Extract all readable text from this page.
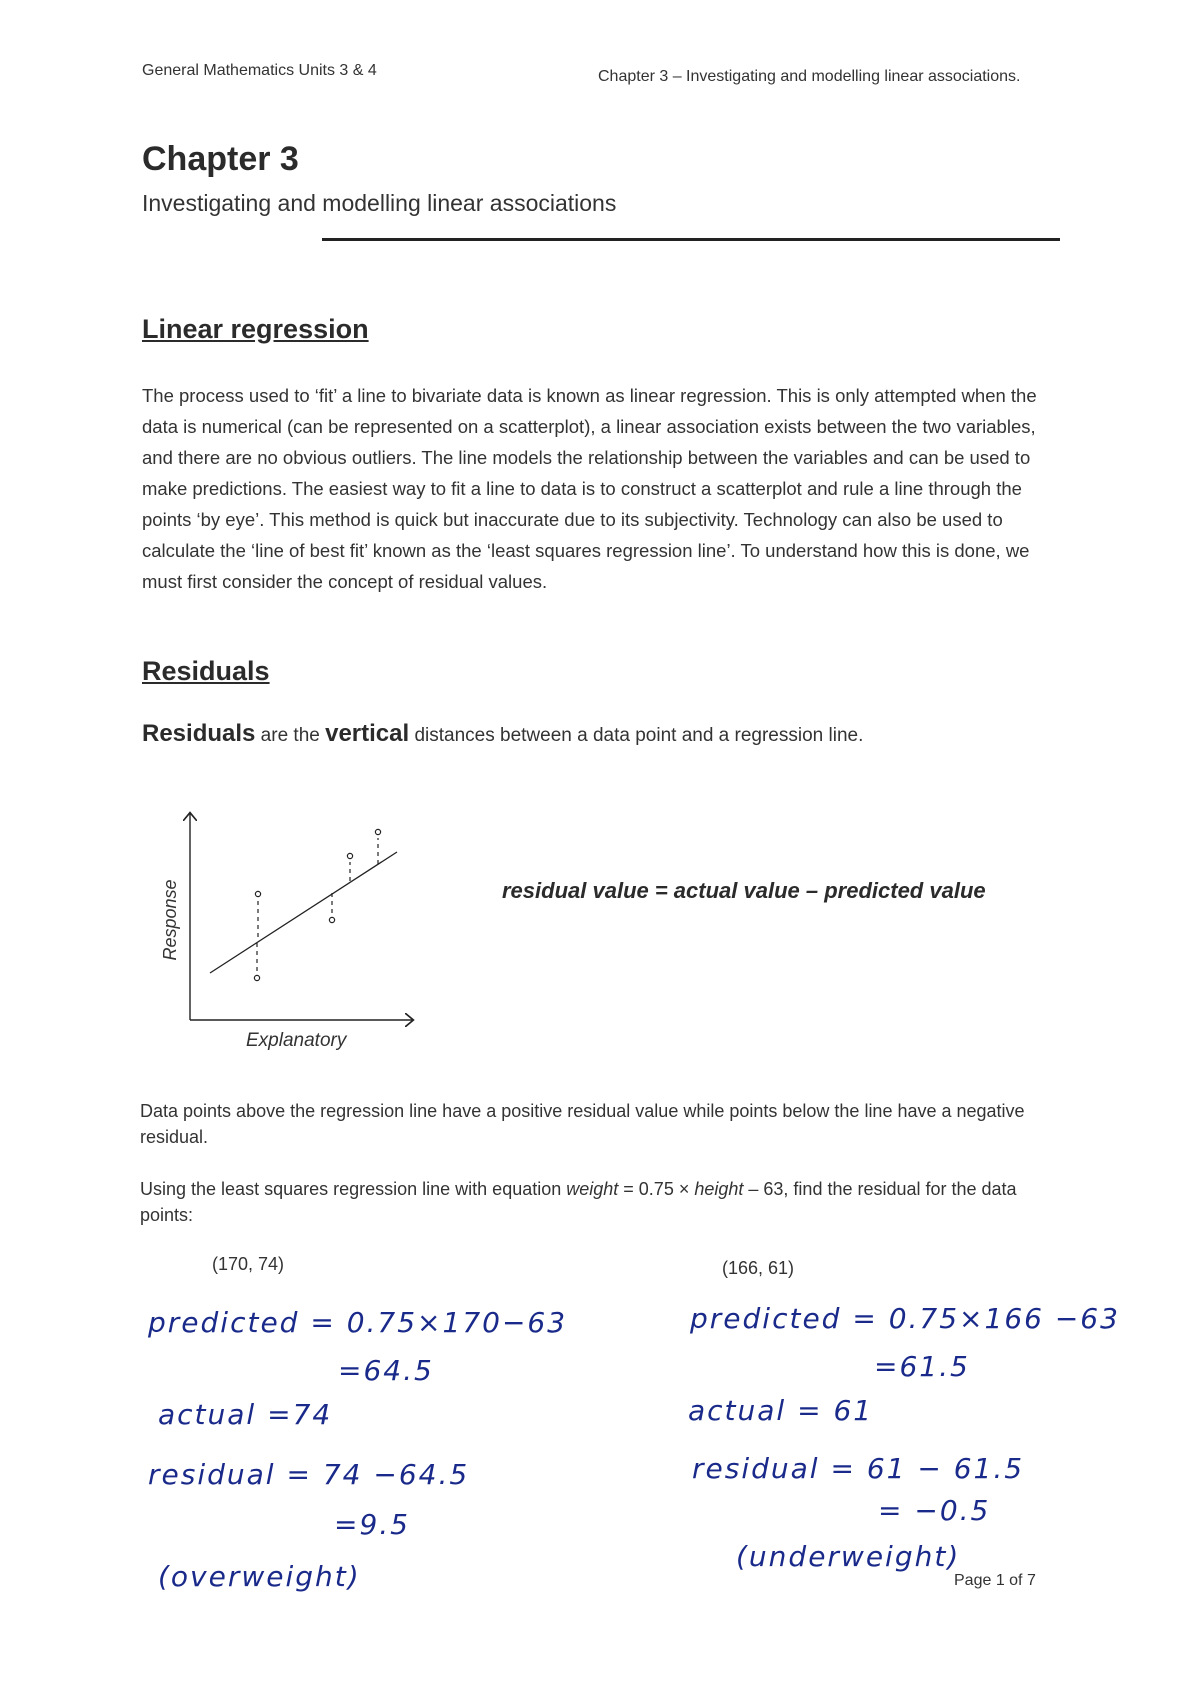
General Mathematics Units 3 & 4	Chapter 3 – Investigating and modelling linear associations.
Chapter 3
Investigating and modelling linear associations
Linear regression
The process used to ‘fit’ a line to bivariate data is known as linear regression. This is only attempted when the data is numerical (can be represented on a scatterplot), a linear association exists between the two variables, and there are no obvious outliers. The line models the relationship between the variables and can be used to make predictions. The easiest way to fit a line to data is to construct a scatterplot and rule a line through the points ‘by eye’. This method is quick but inaccurate due to its subjectivity. Technology can also be used to calculate the ‘line of best fit’ known as the ‘least squares regression line’. To understand how this is done, we must first consider the concept of residual values.
Residuals
Residuals are the vertical distances between a data point and a regression line.
Response
Explanatory
residual value = actual value – predicted value
Data points above the regression line have a positive residual value while points below the line have a negative residual.
Using the least squares regression line with equation weight = 0.75 × height – 63, find the residual for the data points:
(170, 74)	(166, 61)
predicted = 0.75×170−63
=64.5
actual =74
residual = 74 −64.5
=9.5
(overweight)
predicted = 0.75×166 −63
=61.5
actual = 61
residual = 61 − 61.5
= −0.5
(underweight)
Page 1 of 7
